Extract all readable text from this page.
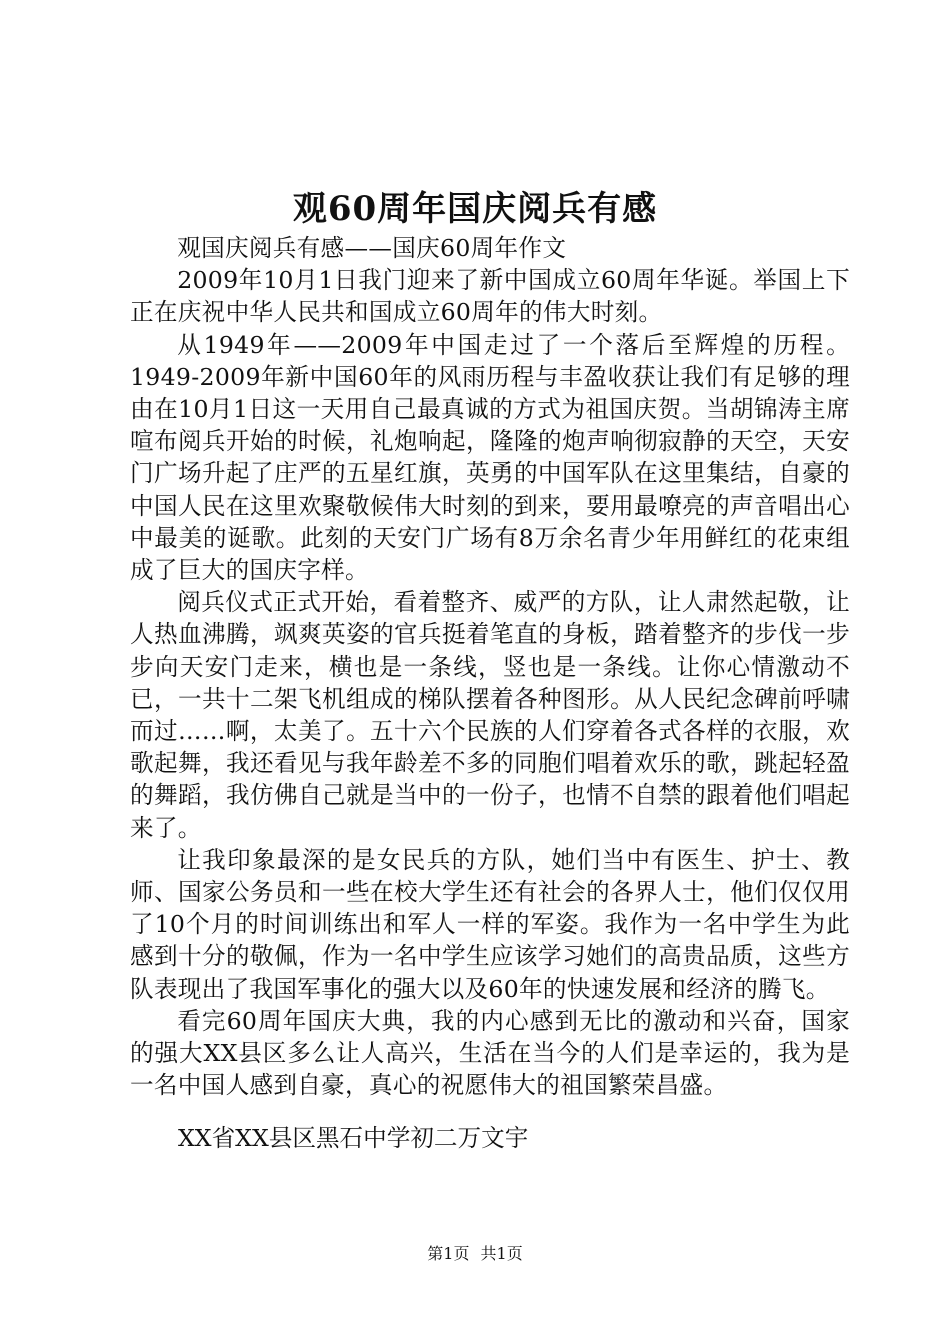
观60周年国庆阅兵有感

观国庆阅兵有感——国庆60周年作文

2009年10月1日我门迎来了新中国成立60周年华诞。举国上下正在庆祝中华人民共和国成立60周年的伟大时刻。

从1949年——2009年中国走过了一个落后至辉煌的历程。1949-2009年新中国60年的风雨历程与丰盈收获让我们有足够的理由在10月1日这一天用自己最真诚的方式为祖国庆贺。当胡锦涛主席喧布阅兵开始的时候，礼炮响起，隆隆的炮声响彻寂静的天空，天安门广场升起了庄严的五星红旗，英勇的中国军队在这里集结，自豪的中国人民在这里欢聚敬候伟大时刻的到来，要用最嘹亮的声音唱出心中最美的诞歌。此刻的天安门广场有8万余名青少年用鲜红的花束组成了巨大的国庆字样。

阅兵仪式正式开始，看着整齐、威严的方队，让人肃然起敬，让人热血沸腾，飒爽英姿的官兵挺着笔直的身板，踏着整齐的步伐一步步向天安门走来，横也是一条线，竖也是一条线。让你心情激动不已，一共十二架飞机组成的梯队摆着各种图形。从人民纪念碑前呼啸而过……啊，太美了。五十六个民族的人们穿着各式各样的衣服，欢歌起舞，我还看见与我年龄差不多的同胞们唱着欢乐的歌，跳起轻盈的舞蹈，我仿佛自己就是当中的一份子，也情不自禁的跟着他们唱起来了。

让我印象最深的是女民兵的方队，她们当中有医生、护士、教师、国家公务员和一些在校大学生还有社会的各界人士，他们仅仅用了10个月的时间训练出和军人一样的军姿。我作为一名中学生为此感到十分的敬佩，作为一名中学生应该学习她们的高贵品质，这些方队表现出了我国军事化的强大以及60年的快速发展和经济的腾飞。

看完60周年国庆大典，我的内心感到无比的激动和兴奋，国家的强大XX县区多么让人高兴，生活在当今的人们是幸运的，我为是一名中国人感到自豪，真心的祝愿伟大的祖国繁荣昌盛。

XX省XX县区黑石中学初二万文宇
第1页 共1页
